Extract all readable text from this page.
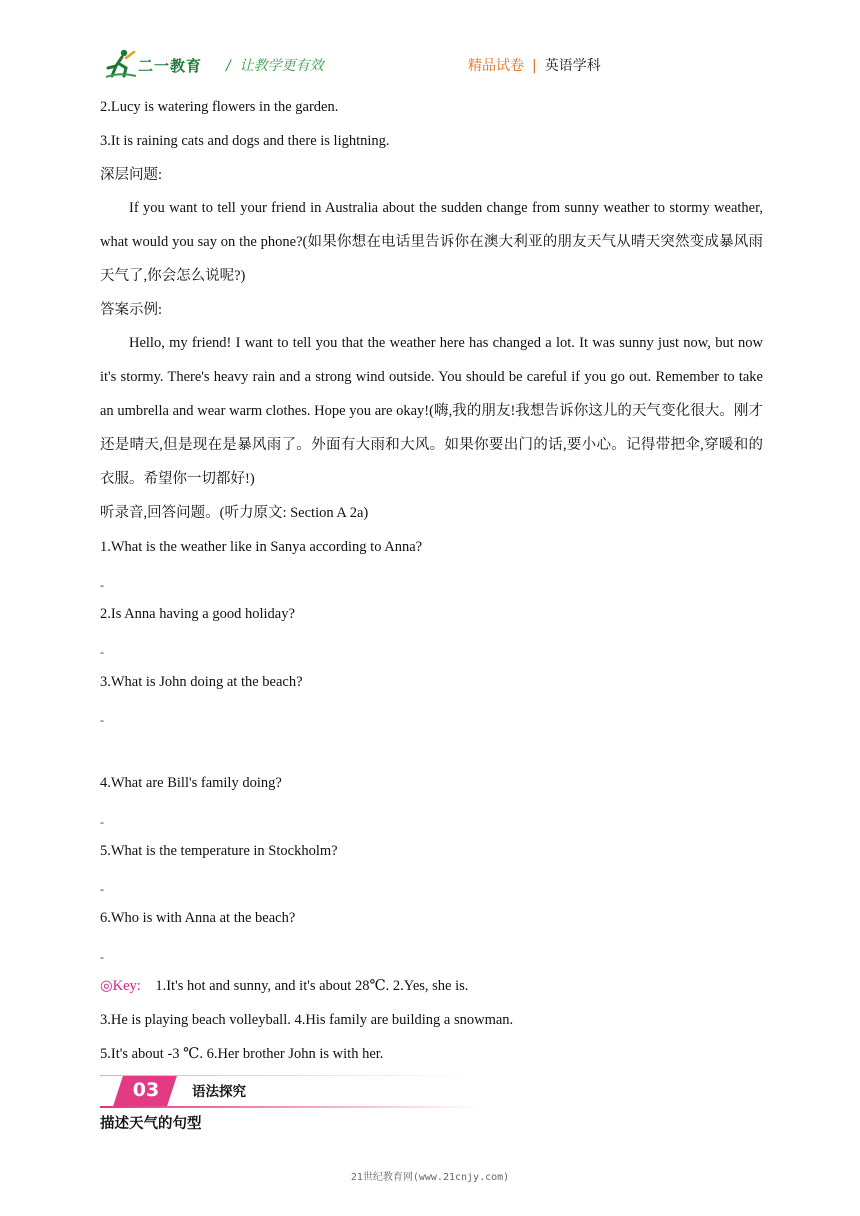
二一教育 /  让教学更有效	精品试卷 | 英语学科
2.Lucy is watering flowers in the garden.
3.It is raining cats and dogs and there is lightning.
深层问题:
If you want to tell your friend in Australia about the sudden change from sunny weather to stormy weather, what would you say on the phone?(如果你想在电话里告诉你在澳大利亚的朋友天气从晴天突然变成暴风雨天气了,你会怎么说呢?)
答案示例:
Hello, my friend! I want to tell you that the weather here has changed a lot. It was sunny just now, but now it's stormy. There's heavy rain and a strong wind outside. You should be careful if you go out. Remember to take an umbrella and wear warm clothes. Hope you are okay!(嗨,我的朋友!我想告诉你这儿的天气变化很大。刚才还是晴天,但是现在是暴风雨了。外面有大雨和大风。如果你要出门的话,要小心。记得带把伞,穿暖和的衣服。希望你一切都好!)
听录音,回答问题。(听力原文: Section A 2a)
1.What is the weather like in Sanya according to Anna?
-
2.Is Anna having a good holiday?
-
3.What is John doing at the beach?
-
4.What are Bill's family doing?
-
5.What is the temperature in Stockholm?
-
6.Who is with Anna at the beach?
-
◎Key: 1.It's hot and sunny, and it's about 28℃. 2.Yes, she is.
3.He is playing beach volleyball. 4.His family are building a snowman.
5.It's about -3 ℃. 6.Her brother John is with her.
03	语法探究
描述天气的句型
21世纪教育网(www.21cnjy.com)
